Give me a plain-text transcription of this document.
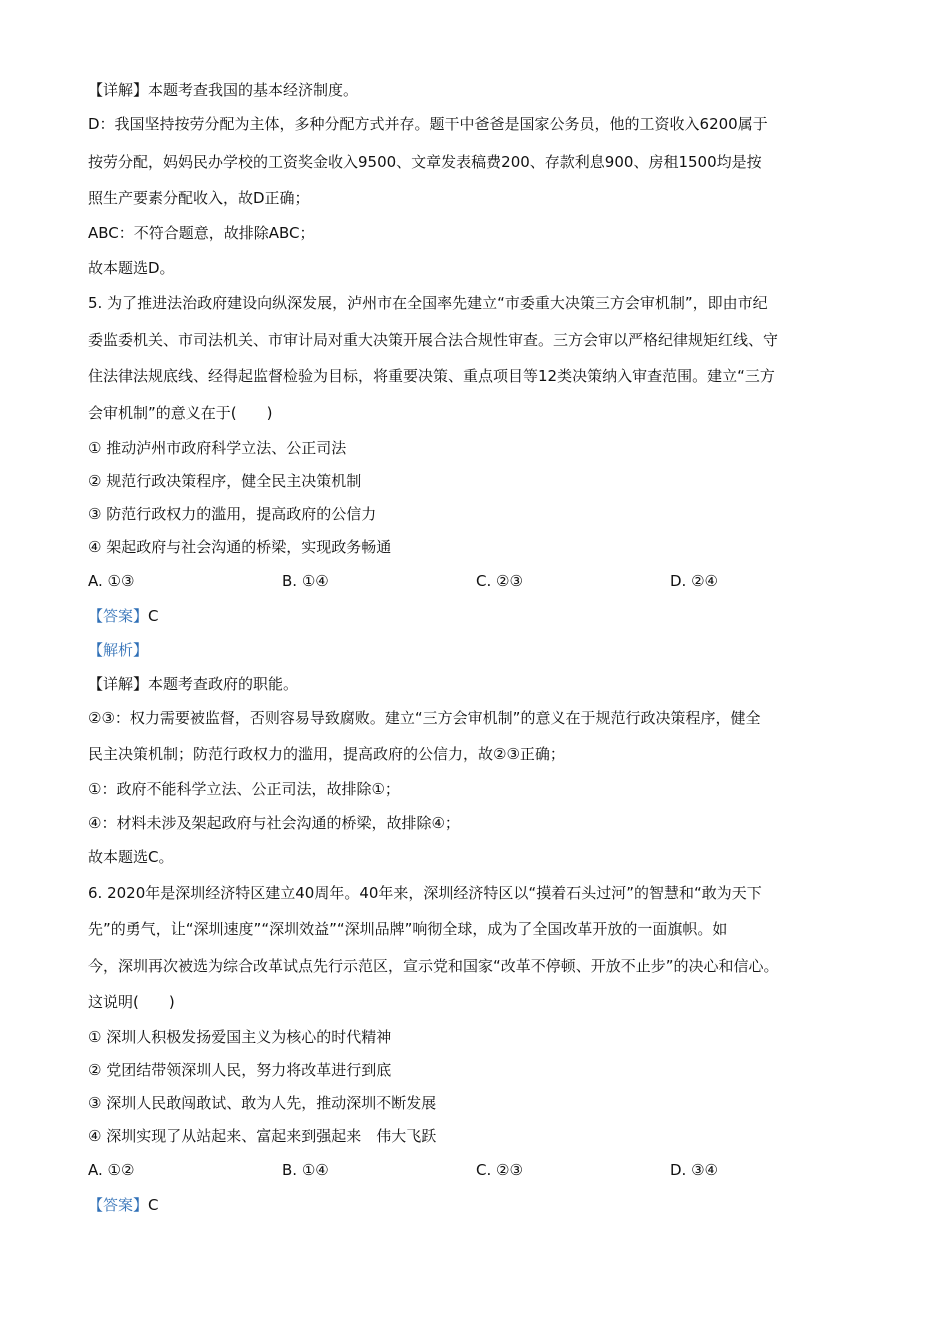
【详解】本题考查我国的基本经济制度。
D：我国坚持按劳分配为主体，多种分配方式并存。题干中爸爸是国家公务员，他的工资收入6200属于
按劳分配，妈妈民办学校的工资奖金收入9500、文章发表稿费200、存款利息900、房租1500均是按
照生产要素分配收入，故D正确；
ABC：不符合题意，故排除ABC；
故本题选D。
5. 为了推进法治政府建设向纵深发展，泸州市在全国率先建立“市委重大决策三方会审机制”，即由市纪
委监委机关、市司法机关、市审计局对重大决策开展合法合规性审查。三方会审以严格纪律规矩红线、守
住法律法规底线、经得起监督检验为目标，将重要决策、重点项目等12类决策纳入审查范围。建立“三方
会审机制”的意义在于(　　)
① 推动泸州市政府科学立法、公正司法
② 规范行政决策程序，健全民主决策机制
③ 防范行政权力的滥用，提高政府的公信力
④ 架起政府与社会沟通的桥梁，实现政务畅通
A. ①③	B. ①④	C. ②③	D. ②④
【答案】C
【解析】
【详解】本题考查政府的职能。
②③：权力需要被监督，否则容易导致腐败。建立“三方会审机制”的意义在于规范行政决策程序，健全
民主决策机制；防范行政权力的滥用，提高政府的公信力，故②③正确；
①：政府不能科学立法、公正司法，故排除①；
④：材料未涉及架起政府与社会沟通的桥梁，故排除④；
故本题选C。
6. 2020年是深圳经济特区建立40周年。40年来，深圳经济特区以“摸着石头过河”的智慧和“敢为天下
先”的勇气，让“深圳速度”“深圳效益”“深圳品牌”响彻全球，成为了全国改革开放的一面旗帜。如
今，深圳再次被选为综合改革试点先行示范区，宣示党和国家“改革不停顿、开放不止步”的决心和信心。
这说明(　　)
① 深圳人积极发扬爱国主义为核心的时代精神
② 党团结带领深圳人民，努力将改革进行到底
③ 深圳人民敢闯敢试、敢为人先，推动深圳不断发展
④ 深圳实现了从站起来、富起来到强起来　伟大飞跃
A. ①②	B. ①④	C. ②③	D. ③④
【答案】C
